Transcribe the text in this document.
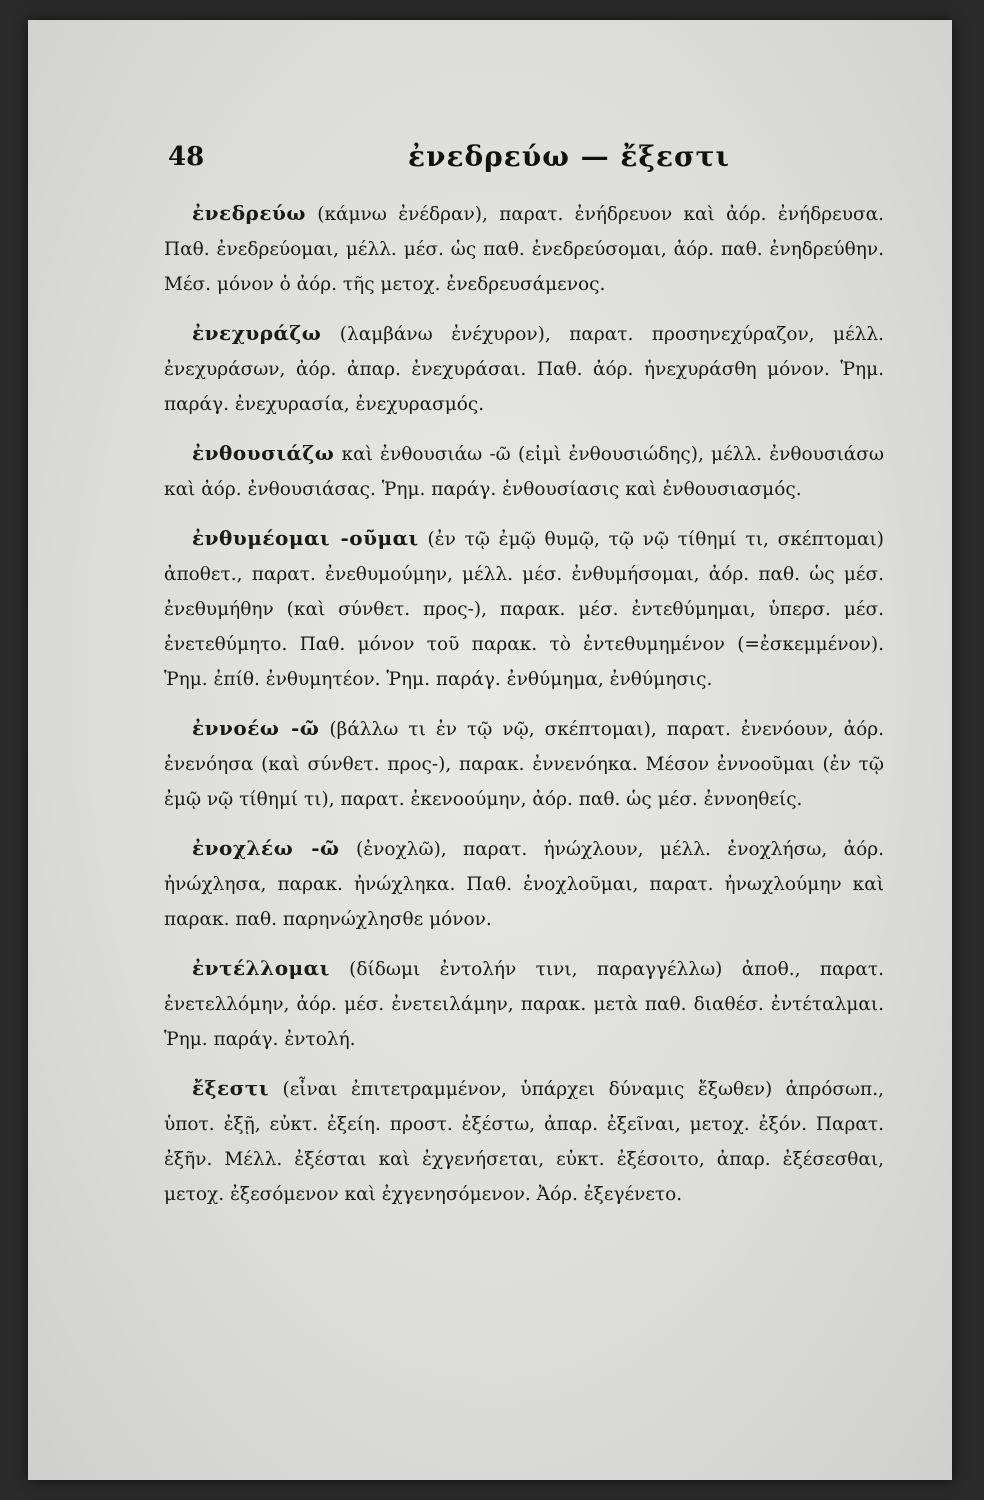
48	ἐνεδρεύω — ἔξεστι

ἐνεδρεύω (κάμνω ἐνέδραν), παρατ. ἐνήδρευον καὶ ἀόρ. ἐνήδρευσα. Παθ. ἐνεδρεύομαι, μέλλ. μέσ. ὡς παθ. ἐνεδρεύσομαι, ἀόρ. παθ. ἐνηδρεύθην. Μέσ. μόνον ὁ ἀόρ. τῆς μετοχ. ἐνεδρευσάμενος.

ἐνεχυράζω (λαμβάνω ἐνέχυρον), παρατ. προσηνεχύραζον, μέλλ. ἐνεχυράσων, ἀόρ. ἀπαρ. ἐνεχυράσαι. Παθ. ἀόρ. ἠνεχυράσθη μόνον. Ῥημ. παράγ. ἐνεχυρασία, ἐνεχυρασμός.

ἐνθουσιάζω καὶ ἐνθουσιάω -ῶ (εἰμὶ ἐνθουσιώδης), μέλλ. ἐνθουσιάσω καὶ ἀόρ. ἐνθουσιάσας. Ῥημ. παράγ. ἐνθουσίασις καὶ ἐνθουσιασμός.

ἐνθυμέομαι -οῦμαι (ἐν τῷ ἐμῷ θυμῷ, τῷ νῷ τίθημί τι, σκέπτομαι) ἀποθετ., παρατ. ἐνεθυμούμην, μέλλ. μέσ. ἐνθυμήσομαι, ἀόρ. παθ. ὡς μέσ. ἐνεθυμήθην (καὶ σύνθετ. προς-), παρακ. μέσ. ἐντεθύμημαι, ὑπερσ. μέσ. ἐνετεθύμητο. Παθ. μόνον τοῦ παρακ. τὸ ἐντεθυμημένον (=ἐσκεμμένον). Ῥημ. ἐπίθ. ἐνθυμητέον. Ῥημ. παράγ. ἐνθύμημα, ἐνθύμησις.

ἐννοέω -ῶ (βάλλω τι ἐν τῷ νῷ, σκέπτομαι), παρατ. ἐνενόουν, ἀόρ. ἐνενόησα (καὶ σύνθετ. προς-), παρακ. ἐννενόηκα. Μέσον ἐννοοῦμαι (ἐν τῷ ἐμῷ νῷ τίθημί τι), παρατ. ἐκενοούμην, ἀόρ. παθ. ὡς μέσ. ἐννοηθείς.

ἐνοχλέω -ῶ (ἐνοχλῶ), παρατ. ἠνώχλουν, μέλλ. ἐνοχλήσω, ἀόρ. ἠνώχλησα, παρακ. ἠνώχληκα. Παθ. ἐνοχλοῦμαι, παρατ. ἠνωχλούμην καὶ παρακ. παθ. παρηνώχλησθε μόνον.

ἐντέλλομαι (δίδωμι ἐντολήν τινι, παραγγέλλω) ἀποθ., παρατ. ἐνετελλόμην, ἀόρ. μέσ. ἐνετειλάμην, παρακ. μετὰ παθ. διαθέσ. ἐντέταλμαι. Ῥημ. παράγ. ἐντολή.

ἔξεστι (εἶναι ἐπιτετραμμένον, ὑπάρχει δύναμις ἔξωθεν) ἀπρόσωπ., ὑποτ. ἐξῇ, εὐκτ. ἐξείη. προστ. ἐξέστω, ἀπαρ. ἐξεῖναι, μετοχ. ἐξόν. Παρατ. ἐξῆν. Μέλλ. ἐξέσται καὶ ἐχγενήσεται, εὐκτ. ἐξέσοιτο, ἀπαρ. ἐξέσεσθαι, μετοχ. ἐξεσόμενον καὶ ἐχγενησόμενον. Ἀόρ. ἐξεγένετο.
